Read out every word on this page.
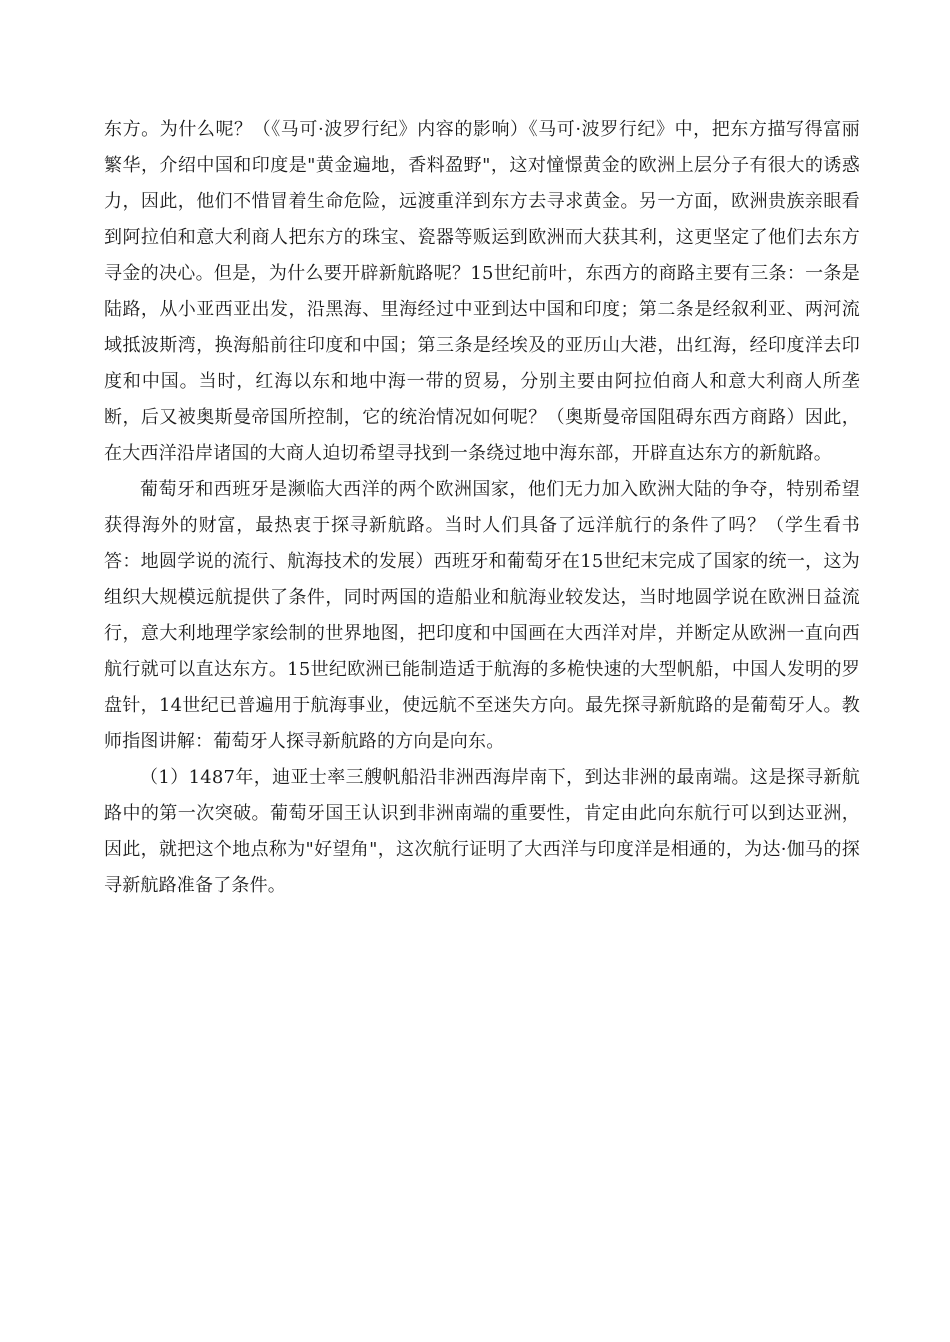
东方。为什么呢？（《马可·波罗行纪》内容的影响）《马可·波罗行纪》中，把东方描写得富丽繁华，介绍中国和印度是"黄金遍地，香料盈野"，这对憧憬黄金的欧洲上层分子有很大的诱惑力，因此，他们不惜冒着生命危险，远渡重洋到东方去寻求黄金。另一方面，欧洲贵族亲眼看到阿拉伯和意大利商人把东方的珠宝、瓷器等贩运到欧洲而大获其利，这更坚定了他们去东方寻金的决心。但是，为什么要开辟新航路呢？15世纪前叶，东西方的商路主要有三条：一条是陆路，从小亚西亚出发，沿黑海、里海经过中亚到达中国和印度；第二条是经叙利亚、两河流域抵波斯湾，换海船前往印度和中国；第三条是经埃及的亚历山大港，出红海，经印度洋去印度和中国。当时，红海以东和地中海一带的贸易，分别主要由阿拉伯商人和意大利商人所垄断，后又被奥斯曼帝国所控制，它的统治情况如何呢？（奥斯曼帝国阻碍东西方商路）因此，在大西洋沿岸诸国的大商人迫切希望寻找到一条绕过地中海东部，开辟直达东方的新航路。

葡萄牙和西班牙是濒临大西洋的两个欧洲国家，他们无力加入欧洲大陆的争夺，特别希望获得海外的财富，最热衷于探寻新航路。当时人们具备了远洋航行的条件了吗？（学生看书答：地圆学说的流行、航海技术的发展）西班牙和葡萄牙在15世纪末完成了国家的统一，这为组织大规模远航提供了条件，同时两国的造船业和航海业较发达，当时地圆学说在欧洲日益流行，意大利地理学家绘制的世界地图，把印度和中国画在大西洋对岸，并断定从欧洲一直向西航行就可以直达东方。15世纪欧洲已能制造适于航海的多桅快速的大型帆船，中国人发明的罗盘针，14世纪已普遍用于航海事业，使远航不至迷失方向。最先探寻新航路的是葡萄牙人。教师指图讲解：葡萄牙人探寻新航路的方向是向东。

（1）1487年，迪亚士率三艘帆船沿非洲西海岸南下，到达非洲的最南端。这是探寻新航路中的第一次突破。葡萄牙国王认识到非洲南端的重要性，肯定由此向东航行可以到达亚洲，因此，就把这个地点称为"好望角"，这次航行证明了大西洋与印度洋是相通的，为达·伽马的探寻新航路准备了条件。
